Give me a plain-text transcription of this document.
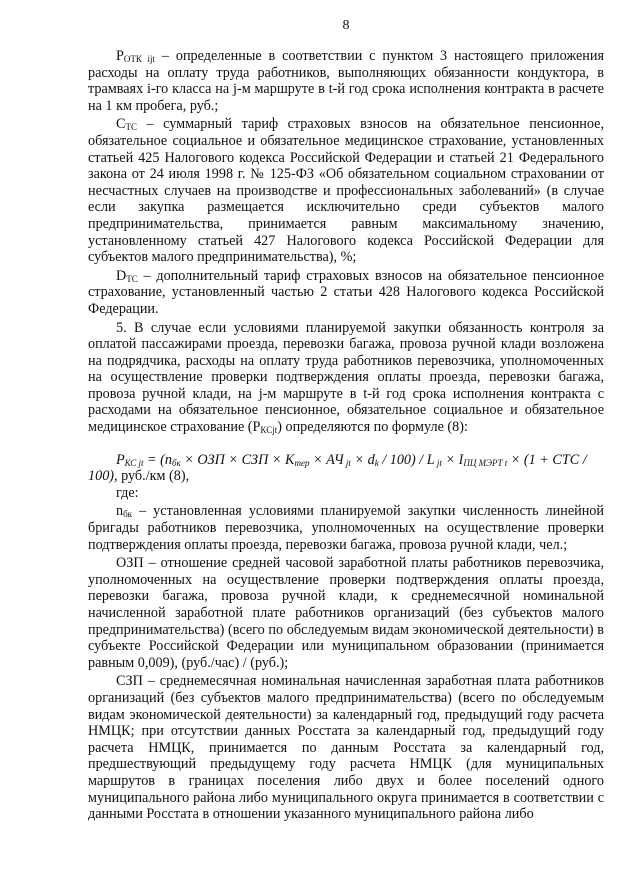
8

$P_{ОТК ijt}$ – определенные в соответствии с пунктом 3 настоящего приложения расходы на оплату труда работников, выполняющих обязанности кондуктора, в трамваях i-го класса на j-м маршруте в t-й год срока исполнения контракта в расчете на 1 км пробега, руб.;

$С_{ТС}$ – суммарный тариф страховых взносов на обязательное пенсионное, обязательное социальное и обязательное медицинское страхование, установленных статьей 425 Налогового кодекса Российской Федерации и статьей 21 Федерального закона от 24 июля 1998 г. № 125-ФЗ «Об обязательном социальном страховании от несчастных случаев на производстве и профессиональных заболеваний» (в случае если закупка размещается исключительно среди субъектов малого предпринимательства, принимается равным максимальному значению, установленному статьей 427 Налогового кодекса Российской Федерации для субъектов малого предпринимательства), %;

$D_{ТС}$ – дополнительный тариф страховых взносов на обязательное пенсионное страхование, установленный частью 2 статьи 428 Налогового кодекса Российской Федерации.

5. В случае если условиями планируемой закупки обязанность контроля за оплатой пассажирами проезда, перевозки багажа, провоза ручной клади возложена на подрядчика, расходы на оплату труда работников перевозчика, уполномоченных на осуществление проверки подтверждения оплаты проезда, перевозки багажа, провоза ручной клади, на j-м маршруте в t-й год срока исполнения контракта с расходами на обязательное пенсионное, обязательное социальное и обязательное медицинское страхование $(P_{КСjt})$ определяются по формуле (8):

$P_{КС jt} = (n_{бк}$ × ОЗП × СЗП × $K_{тер}$ × АЧ $_{jt} \times d_k / 100) / L$ $_{jt} \times I_{ПЦ МЭРТ t} \times (1$ + СТС / 100), руб./км (8),

где:

$n_{бк}$ – установленная условиями планируемой закупки численность линейной бригады работников перевозчика, уполномоченных на осуществление проверки подтверждения оплаты проезда, перевозки багажа, провоза ручной клади, чел.;

ОЗП – отношение средней часовой заработной платы работников перевозчика, уполномоченных на осуществление проверки подтверждения оплаты проезда, перевозки багажа, провоза ручной клади, к среднемесячной номинальной начисленной заработной плате работников организаций (без субъектов малого предпринимательства) (всего по обследуемым видам экономической деятельности) в субъекте Российской Федерации или муниципальном образовании (принимается равным 0,009), (руб./час) / (руб.);

СЗП – среднемесячная номинальная начисленная заработная плата работников организаций (без субъектов малого предпринимательства) (всего по обследуемым видам экономической деятельности) за календарный год, предыдущий году расчета НМЦК; при отсутствии данных Росстата за календарный год, предыдущий году расчета НМЦК, принимается по данным Росстата за календарный год, предшествующий предыдущему году расчета НМЦК (для муниципальных маршрутов в границах поселения либо двух и более поселений одного муниципального района либо муниципального округа принимается в соответствии с данными Росстата в отношении указанного муниципального района либо
